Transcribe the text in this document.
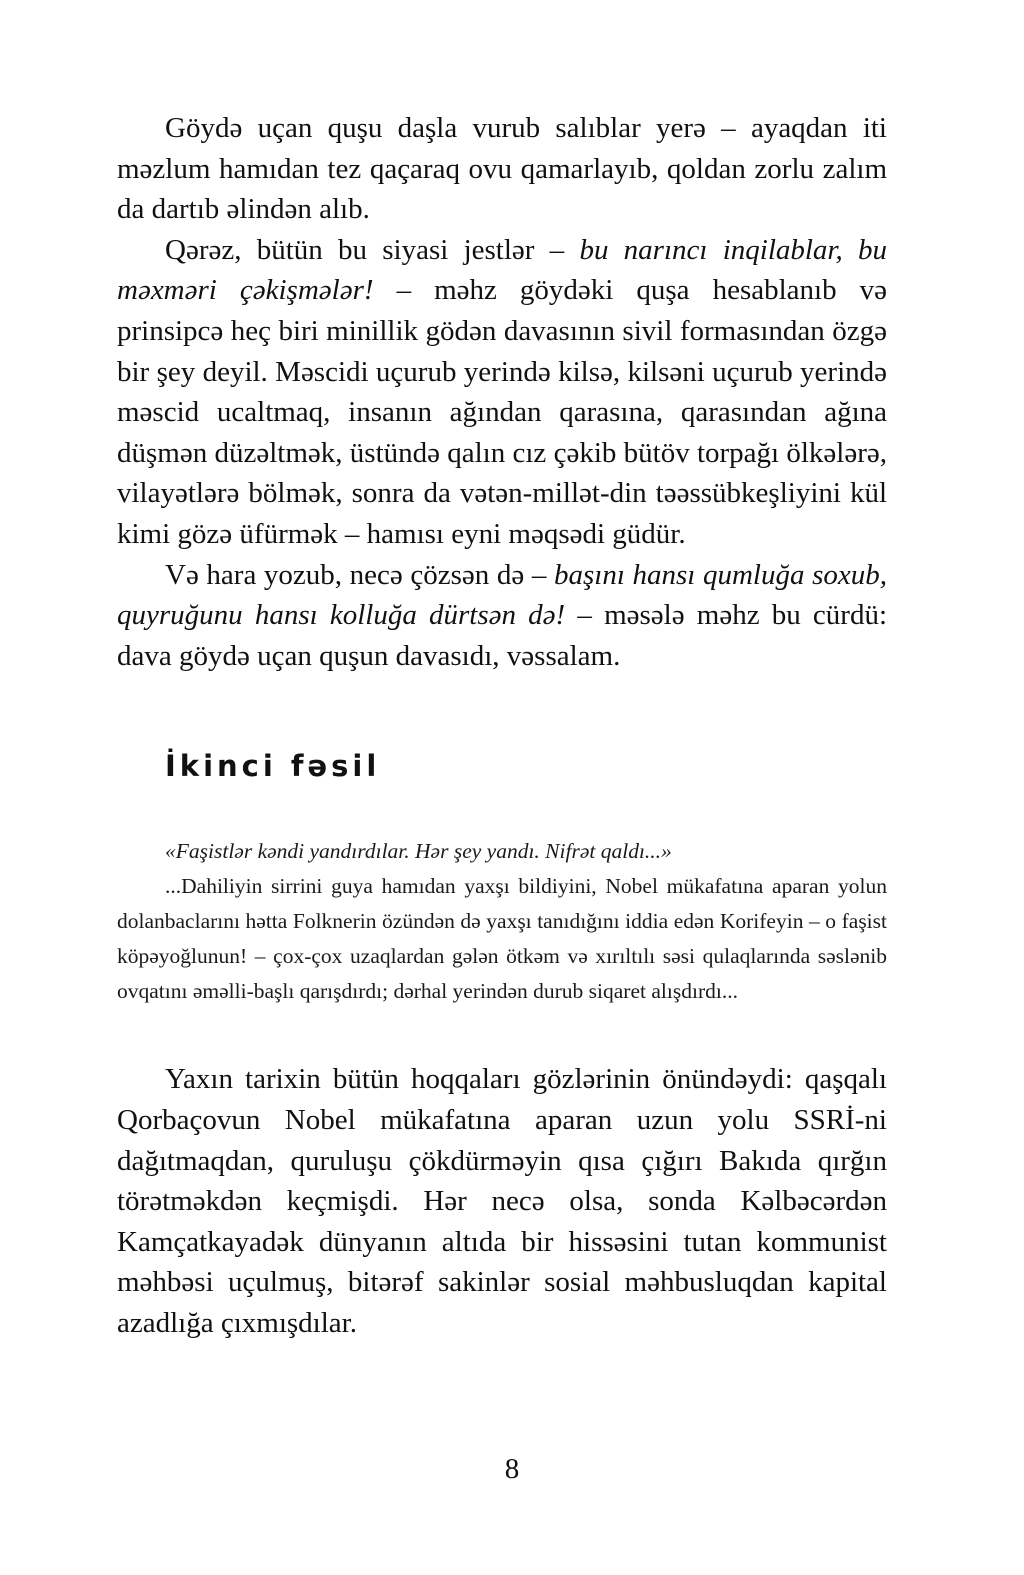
Göydə uçan quşu daşla vurub salıblar yerə – ayaqdan iti məzlum hamıdan tez qaçaraq ovu qamarlayıb, qoldan zorlu zalım da dartıb əlindən alıb.

Qərəz, bütün bu siyasi jestlər – bu narıncı inqilablar, bu məxməri çəkişmələr! – məhz göydəki quşa hesablanıb və prinsipcə heç biri minillik gödən davasının sivil formasından özgə bir şey deyil. Məscidi uçurub yerində kilsə, kilsəni uçurub yerində məscid ucaltmaq, insanın ağından qarasına, qarasından ağına düşmən düzəltmək, üstündə qalın cız çəkib bütöv torpağı ölkələrə, vilayətlərə bölmək, sonra da vətən-millət-din təəssübkeşliyini kül kimi gözə üfürmək – hamısı eyni məqsədi güdür.

Və hara yozub, necə çözsən də – başını hansı qumluğa soxub, quyruğunu hansı kolluğa dürtsən də! – məsələ məhz bu cürdü: dava göydə uçan quşun davasıdı, vəssalam.

İkinci fəsil

«Faşistlər kəndi yandırdılar. Hər şey yandı. Nifrət qaldı...»

...Dahiliyin sirrini guya hamıdan yaxşı bildiyini, Nobel mükafatına aparan yolun dolanbaclarını hətta Folknerin özündən də yaxşı tanıdığını iddia edən Korifeyin – o faşist köpəyoğlunun! – çox-çox uzaqlardan gələn ötkəm və xırıltılı səsi qulaqlarında səslənib ovqatını əməlli-başlı qarışdırdı; dərhal yerindən durub siqaret alışdırdı...

Yaxın tarixin bütün hoqqaları gözlərinin önündəydi: qaşqalı Qorbaçovun Nobel mükafatına aparan uzun yolu SSRİ-ni dağıtmaqdan, quruluşu çökdürməyin qısa çığırı Bakıda qırğın törətməkdən keçmişdi. Hər necə olsa, sonda Kəlbəcərdən Kamçatkayadək dünyanın altıda bir hissəsini tutan kommunist məhbəsi uçulmuş, bitərəf sakinlər sosial məhbusluqdan kapital azadlığa çıxmışdılar.

8
